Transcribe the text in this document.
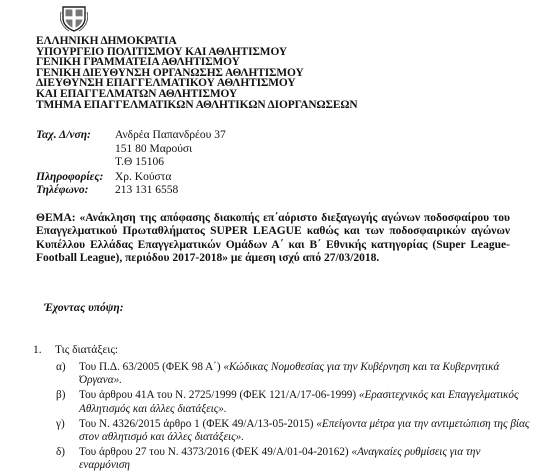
ΕΛΛΗΝΙΚΗ ΔΗΜΟΚΡΑΤΙΑ
ΥΠΟΥΡΓΕΙΟ ΠΟΛΙΤΙΣΜΟΥ ΚΑΙ ΑΘΛΗΤΙΣΜΟΥ
ΓΕΝΙΚΗ ΓΡΑΜΜΑΤΕΙΑ ΑΘΛΗΤΙΣΜΟΥ
ΓΕΝΙΚΗ ΔΙΕΥΘΥΝΣΗ ΟΡΓΑΝΩΣΗΣ ΑΘΛΗΤΙΣΜΟΥ
ΔΙΕΥΘΥΝΣΗ ΕΠΑΓΓΕΛΜΑΤΙΚΟΥ ΑΘΛΗΤΙΣΜΟΥ
ΚΑΙ ΕΠΑΓΓΕΛΜΑΤΩΝ ΑΘΛΗΤΙΣΜΟΥ
ΤΜΗΜΑ ΕΠΑΓΓΕΛΜΑΤΙΚΩΝ ΑΘΛΗΤΙΚΩΝ ΔΙΟΡΓΑΝΩΣΕΩΝ
Ταχ. Δ/νση: Ανδρέα Παπανδρέου 37
151 80 Μαρούσι
Τ.Θ 15106
Πληροφορίες: Χρ. Κούστα
Τηλέφωνο: 213 131 6558
ΘΕΜΑ: «Ανάκληση της απόφασης διακοπής επ΄αόριστο διεξαγωγής αγώνων ποδοσφαίρου του Επαγγελματικού Πρωταθλήματος SUPER LEAGUE καθώς και των ποδοσφαιρικών αγώνων Κυπέλλου Ελλάδας Επαγγελματικών Ομάδων Α΄ και Β΄ Εθνικής κατηγορίας (Super League-Football League), περιόδου 2017-2018» με άμεση ισχύ από 27/03/2018.
Έχοντας υπόψη:
1. Τις διατάξεις:
α) Του Π.Δ. 63/2005 (ΦΕΚ 98 Α΄) «Κώδικας Νομοθεσίας για την Κυβέρνηση και τα Κυβερνητικά Όργανα».
β) Του άρθρου 41Α του Ν. 2725/1999 (ΦΕΚ 121/Α/17-06-1999) «Ερασιτεχνικός και Επαγγελματικός Αθλητισμός και άλλες διατάξεις».
γ) Του Ν. 4326/2015 άρθρο 1 (ΦΕΚ 49/Α/13-05-2015) «Επείγοντα μέτρα για την αντιμετώπιση της βίας στον αθλητισμό και άλλες διατάξεις».
δ) Του άρθρου 27 του Ν. 4373/2016 (ΦΕΚ 49/Α/01-04-20162) «Αναγκαίες ρυθμίσεις για την εναρμόνιση
